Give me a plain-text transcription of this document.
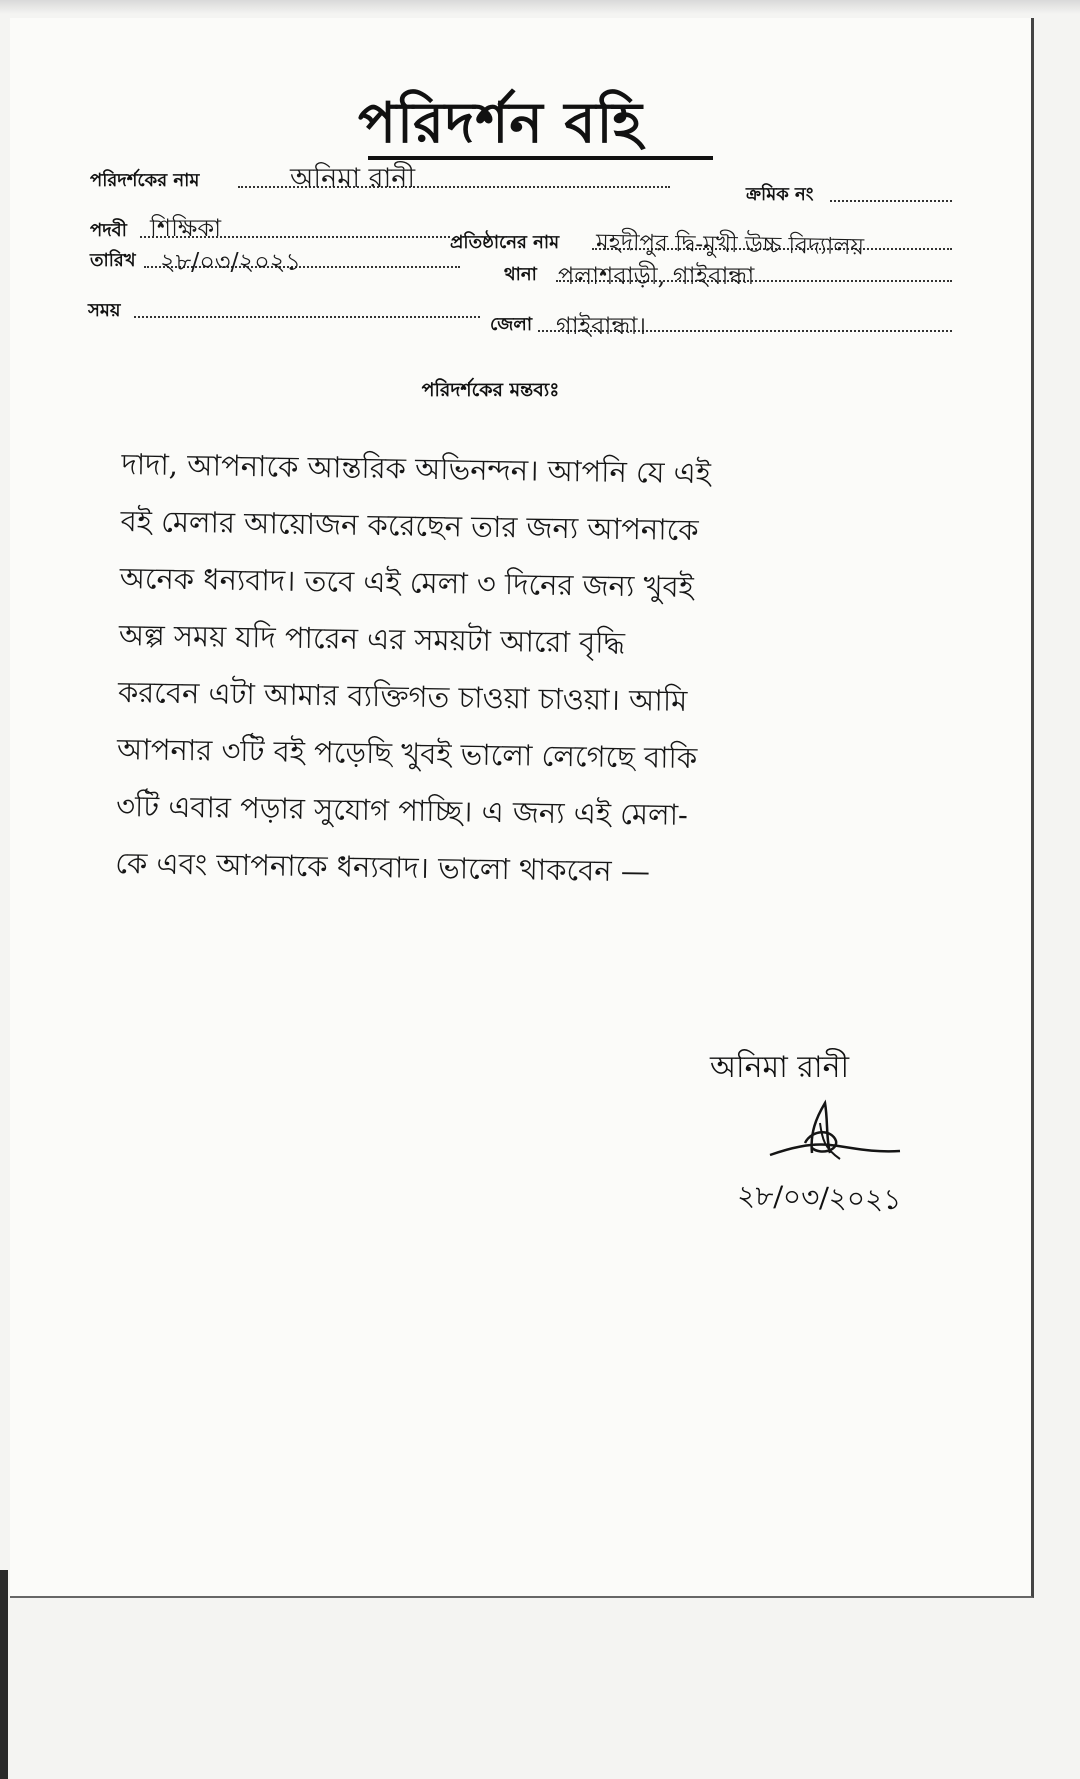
পরিদর্শন বহি
পরিদর্শকের নাম	অনিমা রানী
ক্রমিক নং
পদবী শিক্ষিকা
প্রতিষ্ঠানের নাম মহদীপুর দ্বি-মুখী উচ্চ বিদ্যালয়
তারিখ ২৮/০৩/২০২১	থানা পলাশবাড়ী, গাইবান্ধা
সময়
জেলা গাইবান্ধা।
পরিদর্শকের মন্তব্যঃ
দাদা, আপনাকে আন্তরিক অভিনন্দন। আপনি যে এই
বই মেলার আয়োজন করেছেন তার জন্য আপনাকে
অনেক ধন্যবাদ। তবে এই মেলা ৩ দিনের জন্য খুবই
অল্প সময় যদি পারেন এর সময়টা আরো বৃদ্ধি
করবেন এটা আমার ব্যক্তিগত চাওয়া চাওয়া। আমি
আপনার ৩টি বই পড়েছি খুবই ভালো লেগেছে বাকি
৩টি এবার পড়ার সুযোগ পাচ্ছি। এ জন্য এই মেলা-
কে এবং আপনাকে ধন্যবাদ। ভালো থাকবেন —
অনিমা রানী
২৮/০৩/২০২১
